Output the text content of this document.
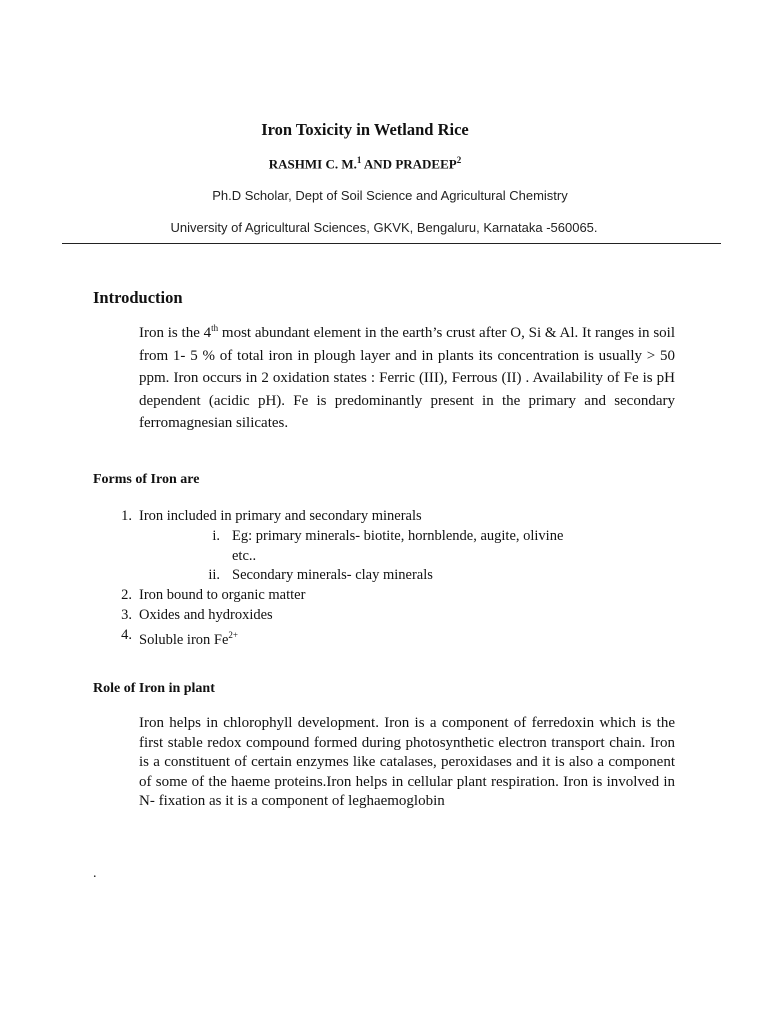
Iron Toxicity in Wetland Rice
RASHMI C. M.$^1$ AND PRADEEP$^2$
Ph.D Scholar, Dept of Soil Science and Agricultural Chemistry
University of Agricultural Sciences, GKVK, Bengaluru, Karnataka -560065.
Introduction
Iron is the 4th most abundant element in the earth’s crust after O, Si & Al. It ranges in soil from 1- 5 % of total iron in plough layer and in plants its concentration is usually > 50 ppm. Iron occurs in 2 oxidation states : Ferric (III), Ferrous (II) . Availability of Fe is pH dependent (acidic pH). Fe is predominantly present in the primary and secondary ferromagnesian silicates.
Forms of Iron are
1. Iron included in primary and secondary minerals
i. Eg: primary minerals- biotite, hornblende, augite, olivine
etc..
ii. Secondary minerals- clay minerals
2. Iron bound to organic matter
3. Oxides and hydroxides
4. Soluble iron $Fe^{2+}$
Role of Iron in plant
Iron helps in chlorophyll development. Iron is a component of ferredoxin which is the first stable redox compound formed during photosynthetic electron transport chain. Iron is a constituent of certain enzymes like catalases, peroxidases and it is also a component of some of the haeme proteins.Iron helps in cellular plant respiration. Iron is involved in N- fixation as it is a component of leghaemoglobin
.
